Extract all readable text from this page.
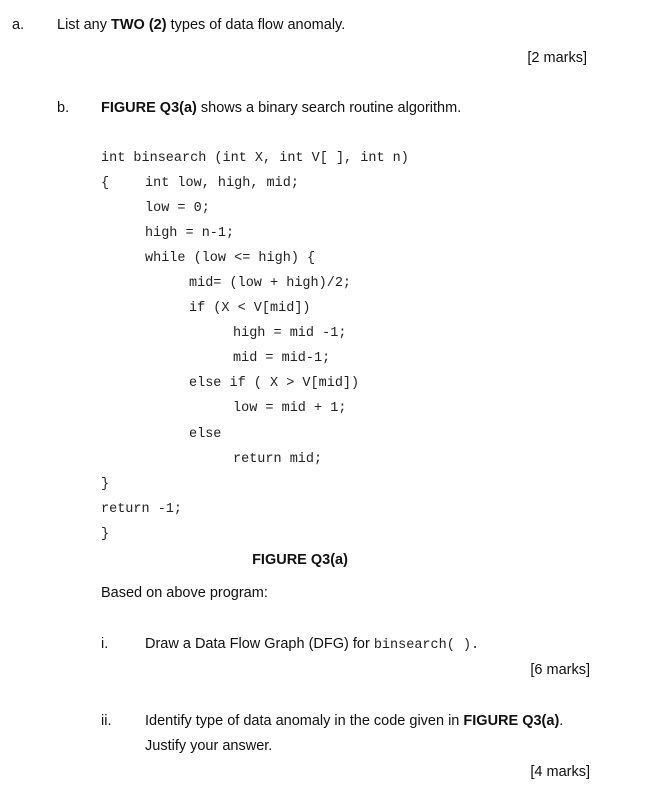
a. List any TWO (2) types of data flow anomaly.
[2 marks]
b. FIGURE Q3(a) shows a binary search routine algorithm.
int binsearch (int X, int V[ ], int n)
{	int low, high, mid;
low = 0;
high = n-1;
while (low <= high) {
mid= (low + high)/2;
if (X < V[mid])
high = mid -1;
mid = mid-1;
else if ( X > V[mid])
low = mid + 1;
else
return mid;
}
return -1;
}
FIGURE Q3(a)
Based on above program:
i.	Draw a Data Flow Graph (DFG) for binsearch( ).
[6 marks]
ii. Identify type of data anomaly in the code given in FIGURE Q3(a).
Justify your answer.
[4 marks]
